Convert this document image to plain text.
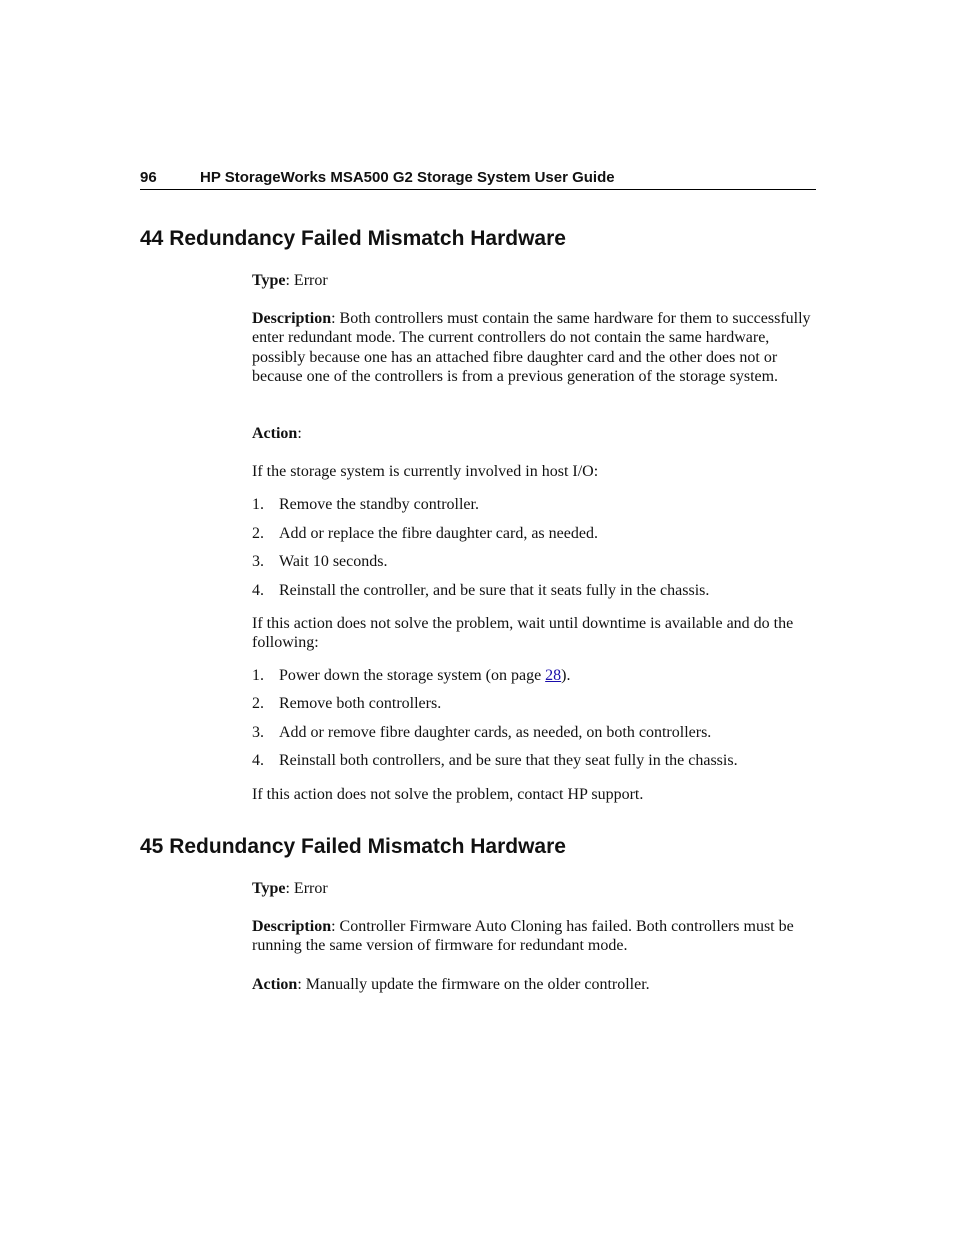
96	HP StorageWorks MSA500 G2 Storage System User Guide
44 Redundancy Failed Mismatch Hardware

Type: Error

Description: Both controllers must contain the same hardware for them to successfully enter redundant mode. The current controllers do not contain the same hardware, possibly because one has an attached fibre daughter card and the other does not or because one of the controllers is from a previous generation of the storage system.

Action:

If the storage system is currently involved in host I/O:

1. Remove the standby controller.
2. Add or replace the fibre daughter card, as needed.
3. Wait 10 seconds.
4. Reinstall the controller, and be sure that it seats fully in the chassis.

If this action does not solve the problem, wait until downtime is available and do the following:

1. Power down the storage system (on page 28).
2. Remove both controllers.
3. Add or remove fibre daughter cards, as needed, on both controllers.
4. Reinstall both controllers, and be sure that they seat fully in the chassis.

If this action does not solve the problem, contact HP support.

45 Redundancy Failed Mismatch Hardware

Type: Error

Description: Controller Firmware Auto Cloning has failed. Both controllers must be running the same version of firmware for redundant mode.

Action: Manually update the firmware on the older controller.
